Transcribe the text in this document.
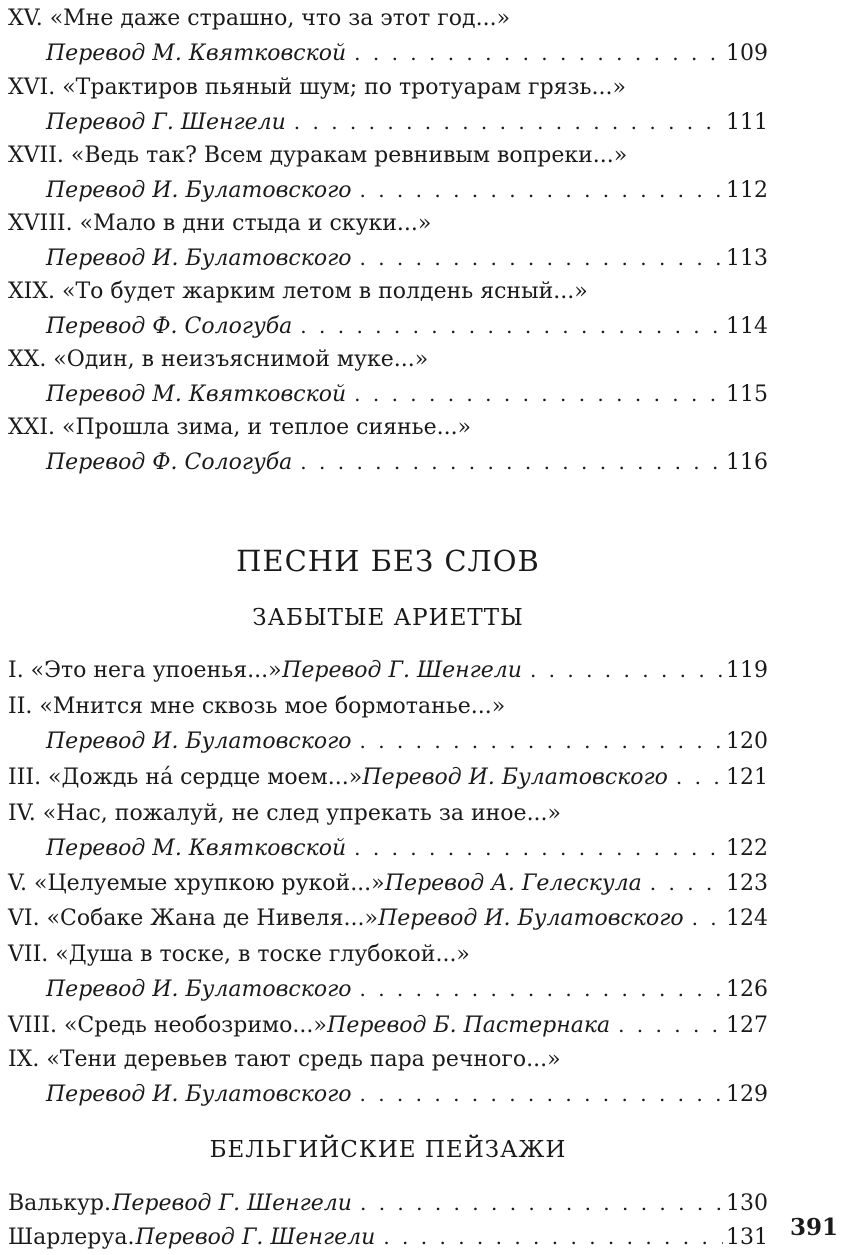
XV. «Мне даже страшно, что за этот год...»
Перевод М. Квятковской . . .	109
XVI. «Трактиров пьяный шум; по тротуарам грязь...»
Перевод Г. Шенгели . . .	111
XVII. «Ведь так? Всем дуракам ревнивым вопреки...»
Перевод И. Булатовского . . .	112
XVIII. «Мало в дни стыда и скуки...»
Перевод И. Булатовского . . .	113
XIX. «То будет жарким летом в полдень ясный...»
Перевод Ф. Сологуба . . .	114
XX. «Один, в неизъяснимой муке...»
Перевод М. Квятковской . . .	115
XXI. «Прошла зима, и теплое сиянье...»
Перевод Ф. Сологуба . . .	116
ПЕСНИ БЕЗ СЛОВ
ЗАБЫТЫЕ АРИЕТТЫ
I. «Это нега упоенья...» Перевод Г. Шенгели . . .	119
II. «Мнится мне сквозь мое бормотанье...»
Перевод И. Булатовского . . .	120
III. «Дождь на́ сердце моем...» Перевод И. Булатовского . . .	121
IV. «Нас, пожалуй, не след упрекать за иное...»
Перевод М. Квятковской . . .	122
V. «Целуемые хрупкою рукой...» Перевод А. Гелескула . . .	123
VI. «Собаке Жана де Нивеля...» Перевод И. Булатовского . . . 124
VII. «Душа в тоске, в тоске глубокой...»
Перевод И. Булатовского . . .	126
VIII. «Средь необозримо...» Перевод Б. Пастернака . . .	127
IX. «Тени деревьев тают средь пара речного...»
Перевод И. Булатовского . . .	129
БЕЛЬГИЙСКИЕ ПЕЙЗАЖИ
Валькур. Перевод Г. Шенгели . . .	130
Шарлеруа. Перевод Г. Шенгели . . .	131 391
